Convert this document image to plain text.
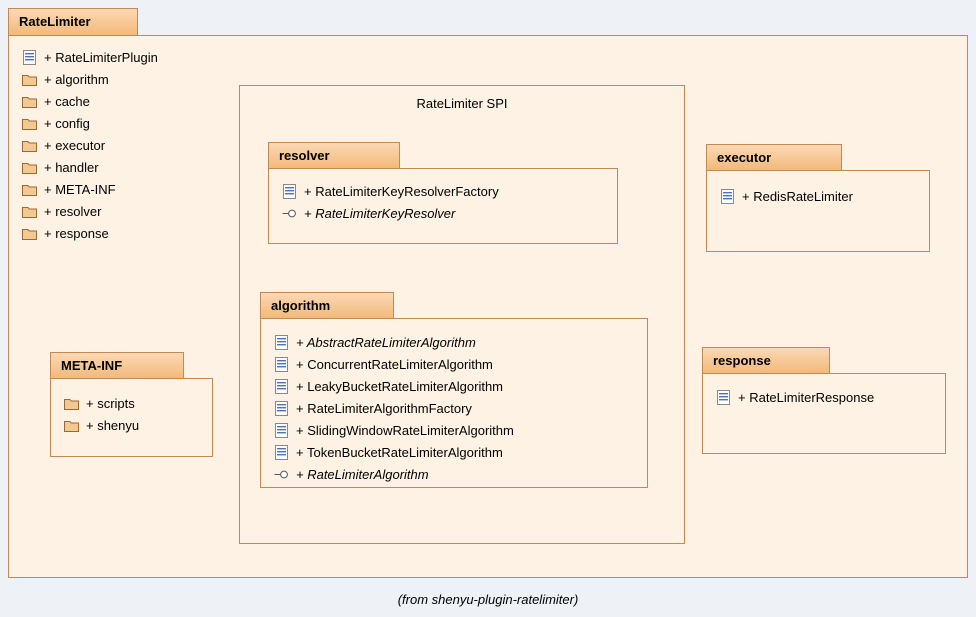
RateLimiter
+ RateLimiterPlugin
+ algorithm
+ cache
+ config
+ executor
+ handler
+ META-INF
+ resolver
+ response
RateLimiter SPI
resolver
+ RateLimiterKeyResolverFactory
+ RateLimiterKeyResolver
algorithm
+ AbstractRateLimiterAlgorithm
+ ConcurrentRateLimiterAlgorithm
+ LeakyBucketRateLimiterAlgorithm
+ RateLimiterAlgorithmFactory
+ SlidingWindowRateLimiterAlgorithm
+ TokenBucketRateLimiterAlgorithm
+ RateLimiterAlgorithm
executor
+ RedisRateLimiter
response
+ RateLimiterResponse
META-INF
+ scripts
+ shenyu
(from shenyu-plugin-ratelimiter)
